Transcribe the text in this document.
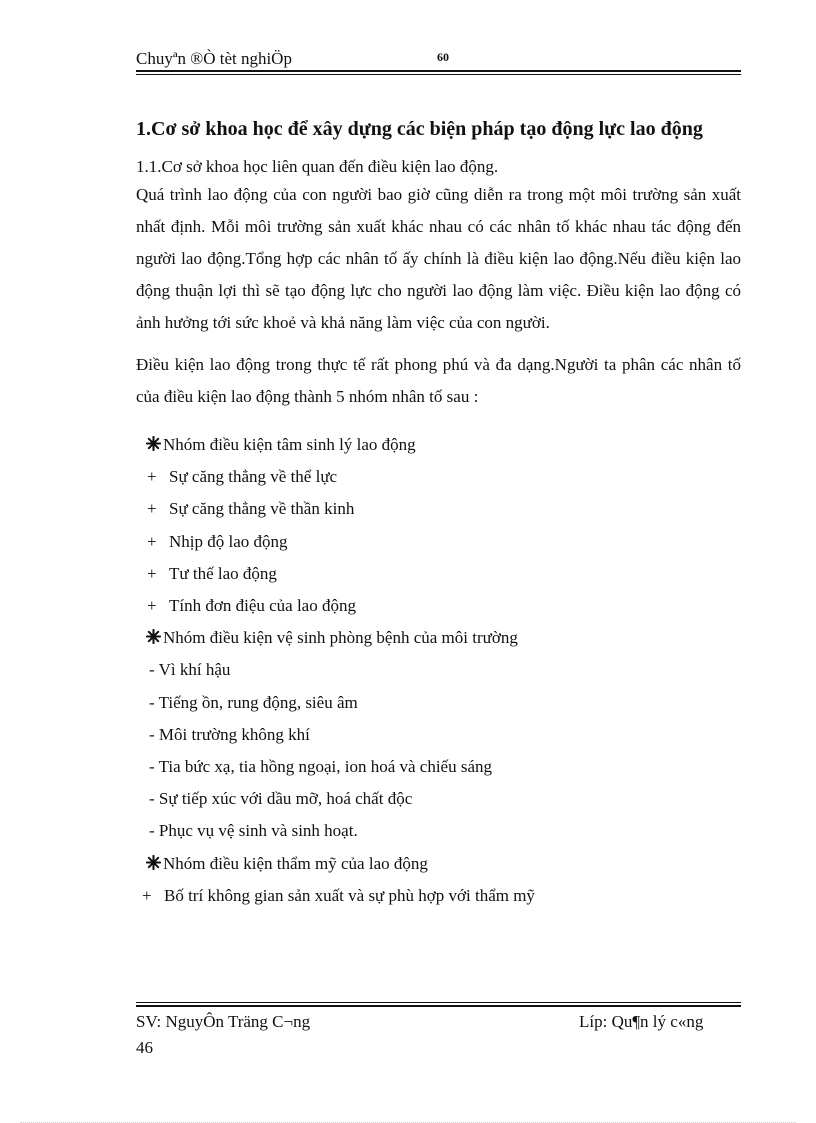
Chuyªn ®Ò tèt nghiÖp	60
1.Cơ sở khoa học để xây dựng các biện pháp tạo động lực lao động

1.1.Cơ sở khoa học liên quan đến điều kiện lao động.

Quá trình lao động của con người bao giờ cũng diễn ra trong một môi trường sản xuất nhất định. Mỗi môi trường sản xuất khác nhau có các nhân tố khác nhau tác động đến người lao động.Tổng hợp các nhân tố ấy chính là điều kiện lao động.Nếu điều kiện lao động thuận lợi thì sẽ tạo động lực cho người lao động làm việc. Điều kiện lao động có ảnh hưởng tới sức khoẻ và khả năng làm việc của con người.

Điều kiện lao động trong thực tế rất phong phú và đa dạng.Người ta phân các nhân tố của điều kiện lao động thành 5 nhóm nhân tố sau :

Nhóm điều kiện tâm sinh lý lao động
+ Sự căng thẳng về thể lực
+ Sự căng thẳng về thần kinh
+ Nhịp độ lao động
+ Tư thế lao động
+ Tính đơn điệu của lao động
Nhóm điều kiện vệ sinh phòng bệnh của môi trường
- Vì khí hậu
- Tiếng ồn, rung động, siêu âm
- Môi trường không khí
- Tia bức xạ, tia hồng ngoại, ion hoá và chiếu sáng
- Sự tiếp xúc với dầu mỡ, hoá chất độc
- Phục vụ vệ sinh và sinh hoạt.
Nhóm điều kiện thẩm mỹ của lao động
+ Bố trí không gian sản xuất và sự phù hợp với thẩm mỹ
SV: NguyÔn Träng C¬ng	Líp: Qu¶n lý c«ng
46
